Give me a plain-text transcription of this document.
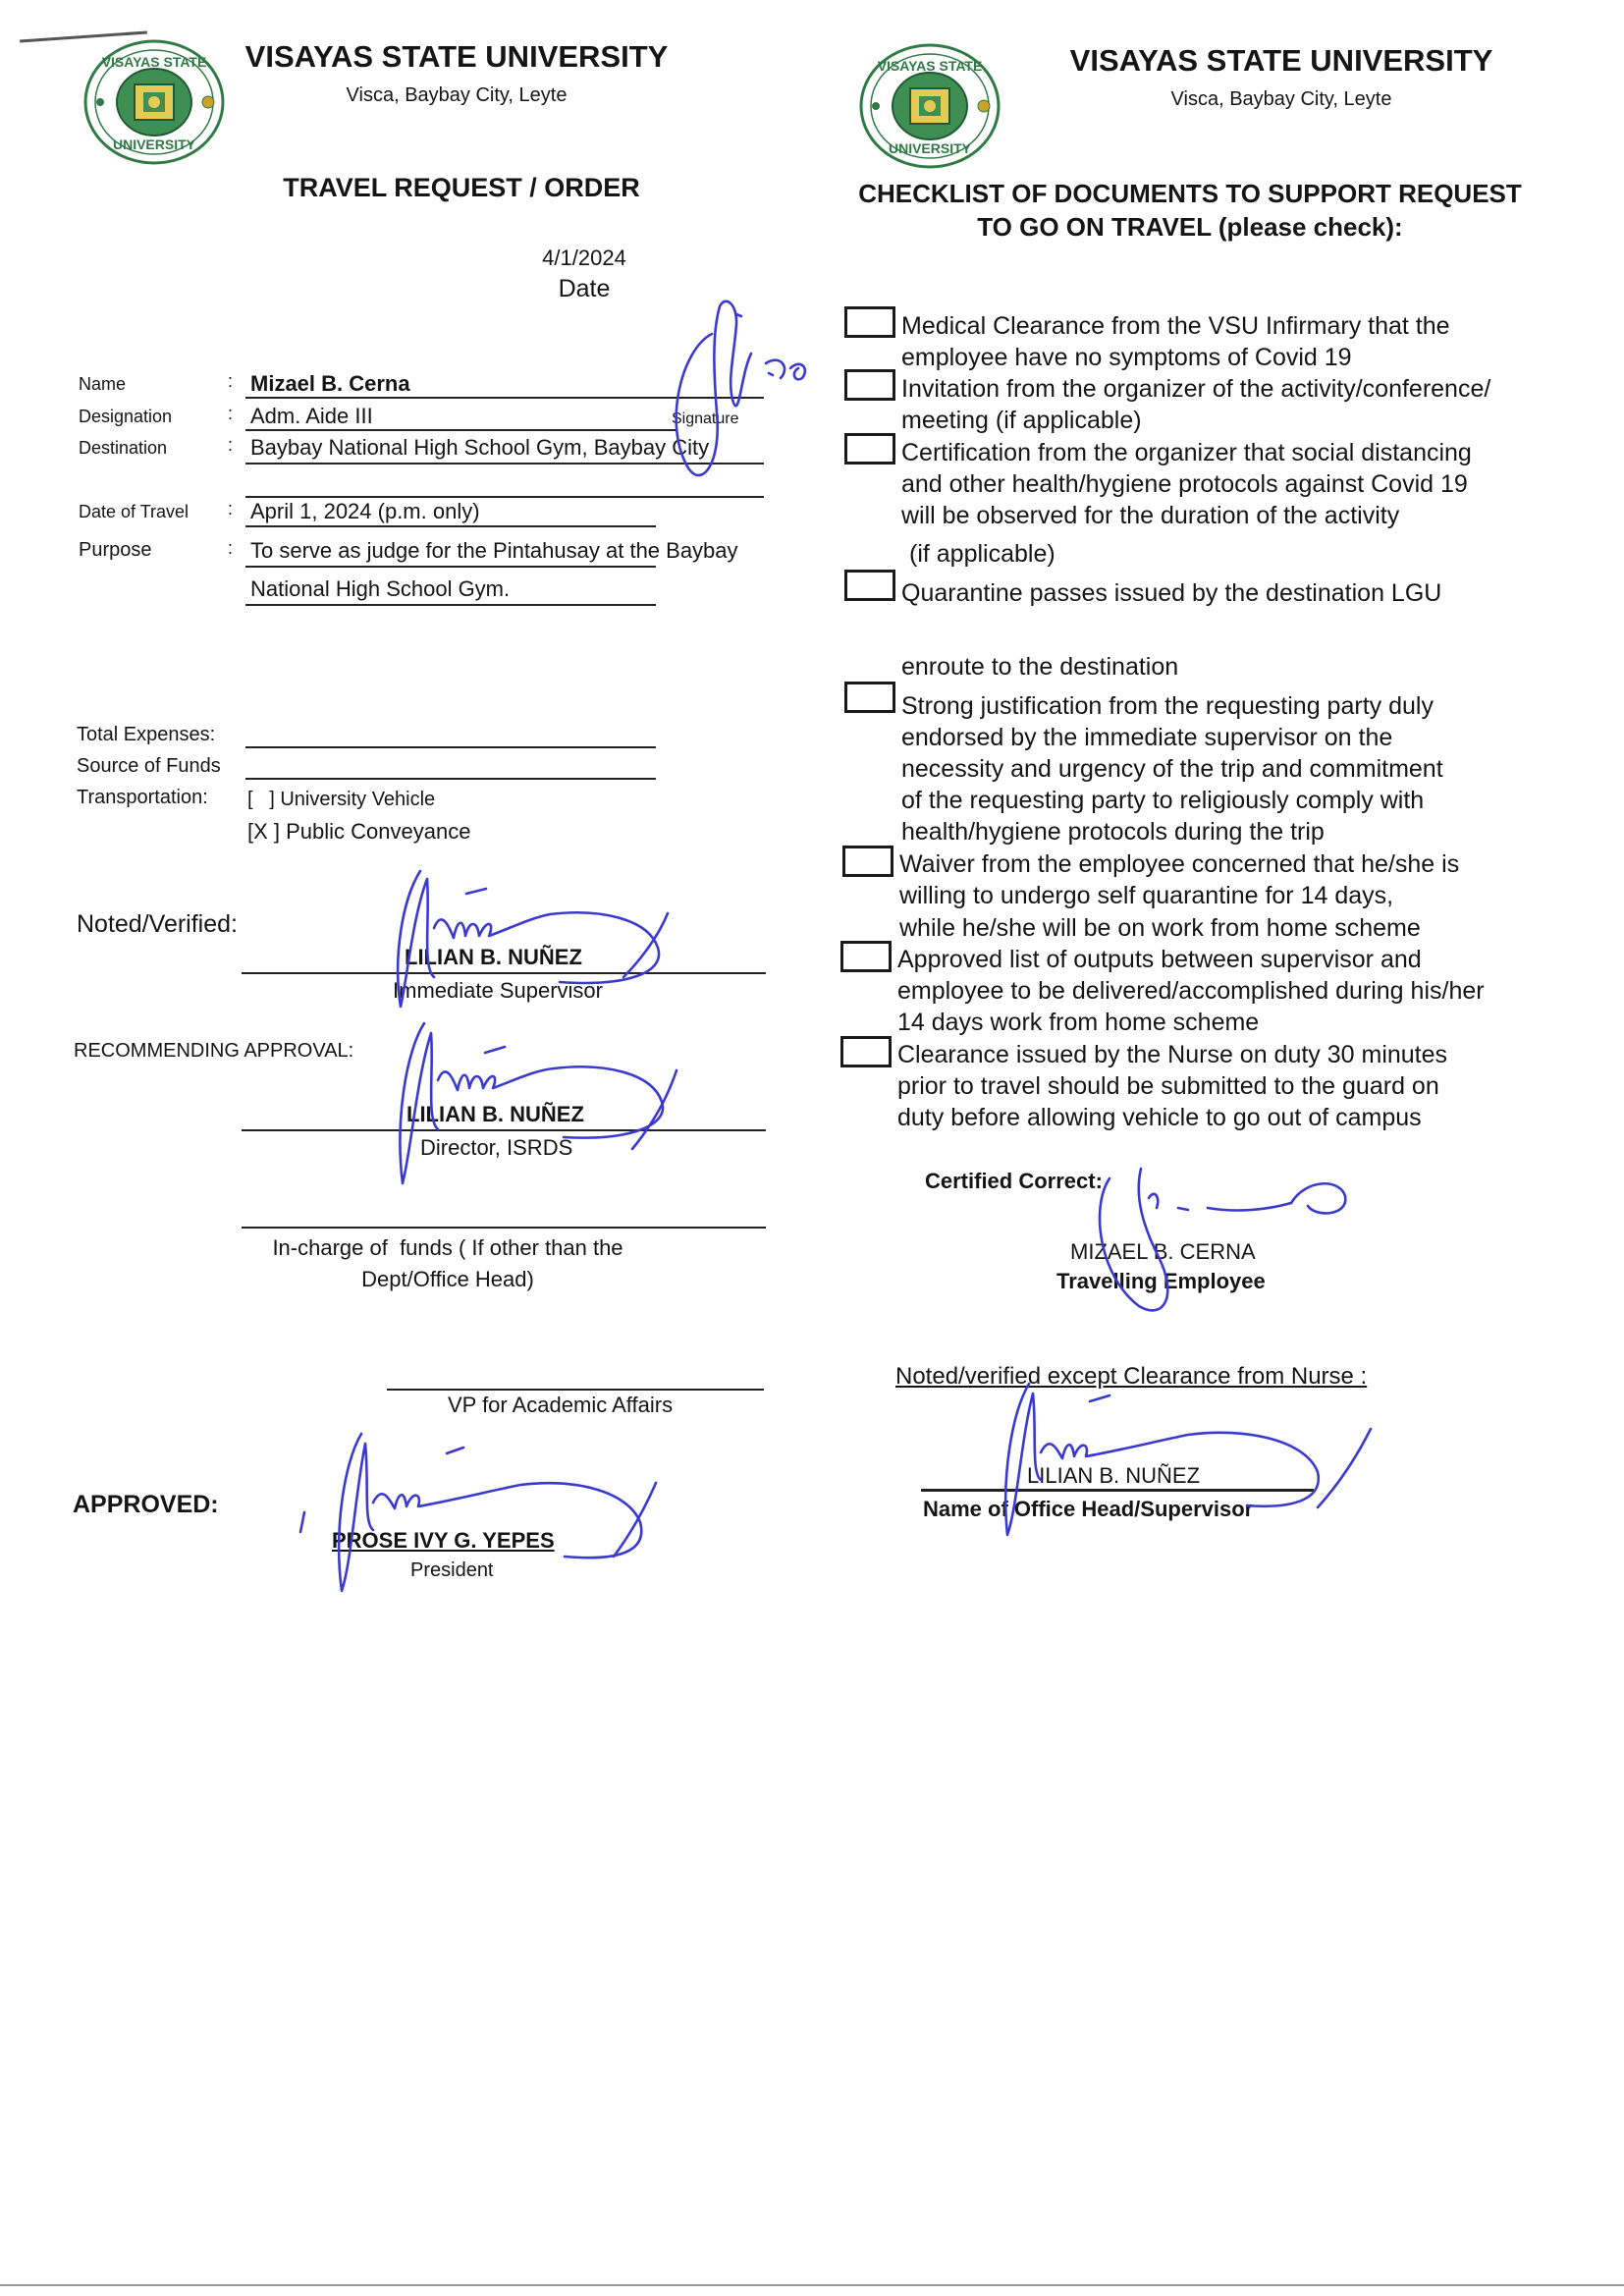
VISAYAS STATE
UNIVERSITY
VISAYAS STATE UNIVERSITY
Visca, Baybay City, Leyte
VISAYAS STATE
UNIVERSITY
VISAYAS STATE UNIVERSITY
Visca, Baybay City, Leyte
TRAVEL REQUEST / ORDER
4/1/2024
Date
Name	: Mizael B. Cerna
Signature
Designation	: Adm. Aide III
Destination	: Baybay National High School Gym, Baybay City
Date of Travel : April 1, 2024 (p.m. only)
Purpose	: To serve as judge for the Pintahusay at the Baybay
National High School Gym.
Total Expenses:
Source of Funds
Transportation: [   ] University Vehicle
[X ] Public Conveyance
Noted/Verified:
LILIAN B. NUÑEZ
Immediate Supervisor
RECOMMENDING APPROVAL:
LILIAN B. NUÑEZ
Director, ISRDS
In-charge of  funds ( If other than the
Dept/Office Head)
VP for Academic Affairs
APPROVED:
PROSE IVY G. YEPES
President
CHECKLIST OF DOCUMENTS TO SUPPORT REQUEST
TO GO ON TRAVEL (please check):
Medical Clearance from the VSU Infirmary that the
employee have no symptoms of Covid 19
Invitation from the organizer of the activity/conference/
meeting (if applicable)
Certification from the organizer that social distancing
and other health/hygiene protocols against Covid 19
will be observed for the duration of the activity
(if applicable)
Quarantine passes issued by the destination LGU
enroute to the destination
Strong justification from the requesting party duly
endorsed by the immediate supervisor on the
necessity and urgency of the trip and commitment
of the requesting party to religiously comply with
health/hygiene protocols during the trip
Waiver from the employee concerned that he/she is
willing to undergo self quarantine for 14 days,
while he/she will be on work from home scheme
Approved list of outputs between supervisor and
employee to be delivered/accomplished during his/her
14 days work from home scheme
Clearance issued by the Nurse on duty 30 minutes
prior to travel should be submitted to the guard on
duty before allowing vehicle to go out of campus
Certified Correct:
MIZAEL B. CERNA
Travelling Employee
Noted/verified except Clearance from Nurse :
LILIAN B. NUÑEZ
Name of Office Head/Supervisor
